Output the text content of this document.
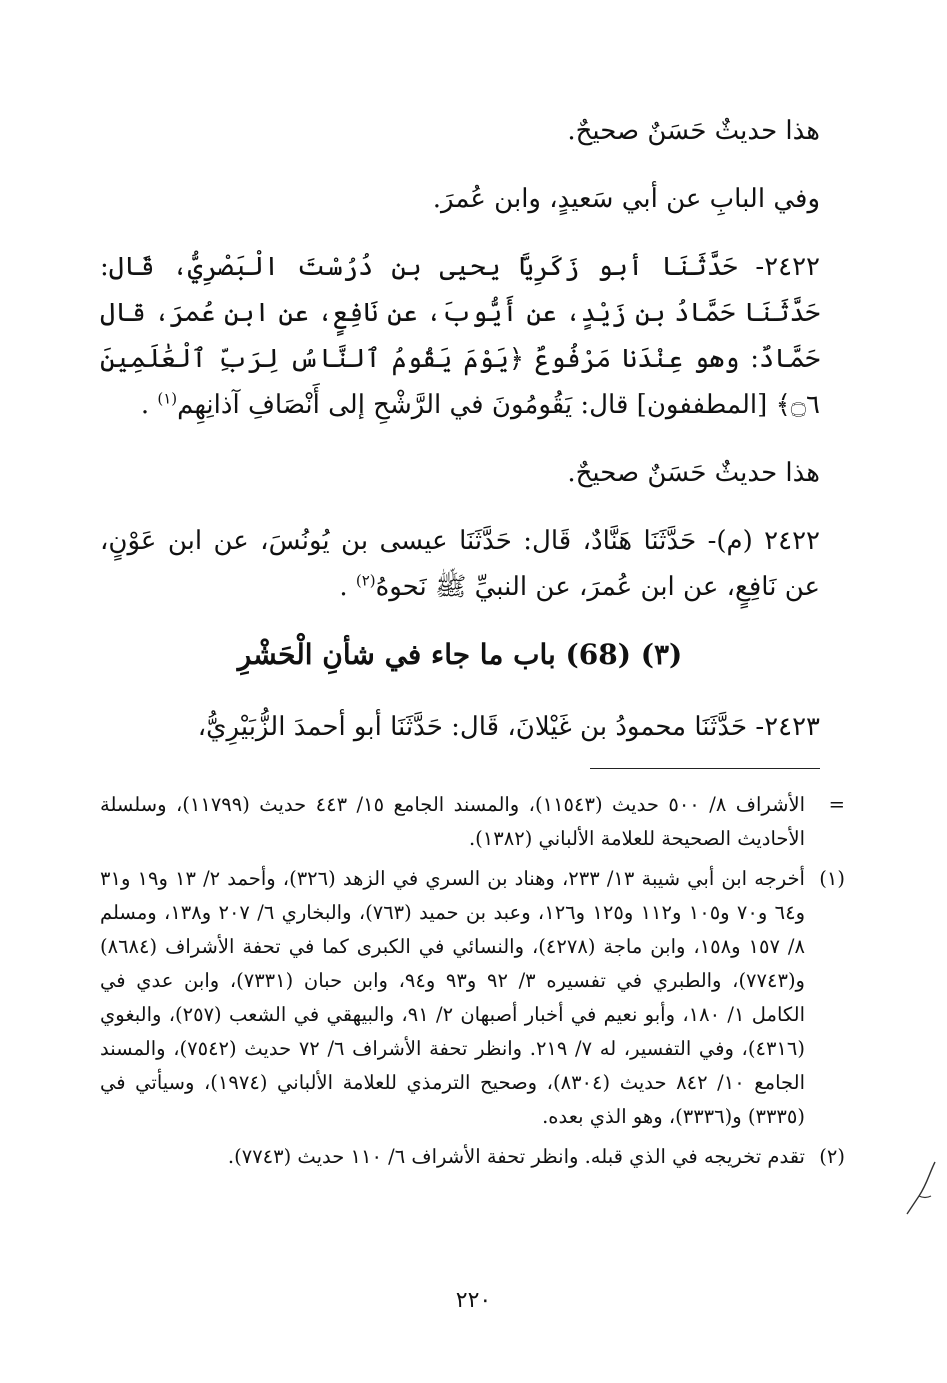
هذا حديثٌ حَسَنٌ صحيحٌ.

وفي البابِ عن أبي سَعيدٍ، وابن عُمرَ.

٢٤٢٢- حَدَّثَنَا أبو زَكَرِيَّا يحيى بن دُرُسْتَ الْبَصْرِيُّ، قَال: حَدَّثَنَا حَمَّادُ بن زَيْدٍ، عن أَيُّوبَ، عن نَافِعٍ، عن ابن عُمرَ، قال حَمَّادٌ: وهو عِنْدَنا مَرْفُوعٌ ﴿يَوْمَ يَقُومُ ٱلنَّاسُ لِرَبِّ ٱلْعَٰلَمِينَ ۝٦﴾ [المطففون] قال: يَقُومُونَ في الرَّشْحِ إلى أَنْصَافِ آذانِهِم$^{(١)}$ .

هذا حديثٌ حَسَنٌ صحيحٌ.

٢٤٢٢ (م)- حَدَّثَنَا هَنَّادٌ، قَال: حَدَّثَنَا عيسى بن يُونُسَ، عن ابن عَوْنٍ، عن نَافِعٍ، عن ابن عُمرَ، عن النبيِّ ﷺ نَحوهُ$^{(٢)}$ .

(٣) (68) باب ما جاء في شأنِ الْحَشْرِ

٢٤٢٣- حَدَّثَنَا محمودُ بن غَيْلانَ، قَال: حَدَّثَنَا أبو أحمدَ الزُّبَيْرِيُّ،

=
الأشراف ٨/ ٥٠٠ حديث (١١٥٤٣)، والمسند الجامع ١٥/ ٤٤٣ حديث (١١٧٩٩)، وسلسلة الأحاديث الصحيحة للعلامة الألباني (١٣٨٢).
(١)
أخرجه ابن أبي شيبة ١٣/ ٢٣٣، وهناد بن السري في الزهد (٣٢٦)، وأحمد ٢/ ١٣ و١٩ و٣١ و٦٤ و٧٠ و١٠٥ و١١٢ و١٢٥ و١٢٦، وعبد بن حميد (٧٦٣)، والبخاري ٦/ ٢٠٧ و١٣٨، ومسلم ٨/ ١٥٧ و١٥٨، وابن ماجة (٤٢٧٨)، والنسائي في الكبرى كما في تحفة الأشراف (٨٦٨٤) و(٧٧٤٣)، والطبري في تفسيره ٣/ ٩٢ و٩٣ و٩٤، وابن حبان (٧٣٣١)، وابن عدي في الكامل ١/ ١٨٠، وأبو نعيم في أخبار أصبهان ٢/ ٩١، والبيهقي في الشعب (٢٥٧)، والبغوي (٤٣١٦)، وفي التفسير، له ٧/ ٢١٩. وانظر تحفة الأشراف ٦/ ٧٢ حديث (٧٥٤٢)، والمسند الجامع ١٠/ ٨٤٢ حديث (٨٣٠٤)، وصحيح الترمذي للعلامة الألباني (١٩٧٤)، وسيأتي في (٣٣٣٥) و(٣٣٣٦)، وهو الذي بعده.
(٢)
تقدم تخريجه في الذي قبله. وانظر تحفة الأشراف ٦/ ١١٠ حديث (٧٧٤٣).
٢٢٠
